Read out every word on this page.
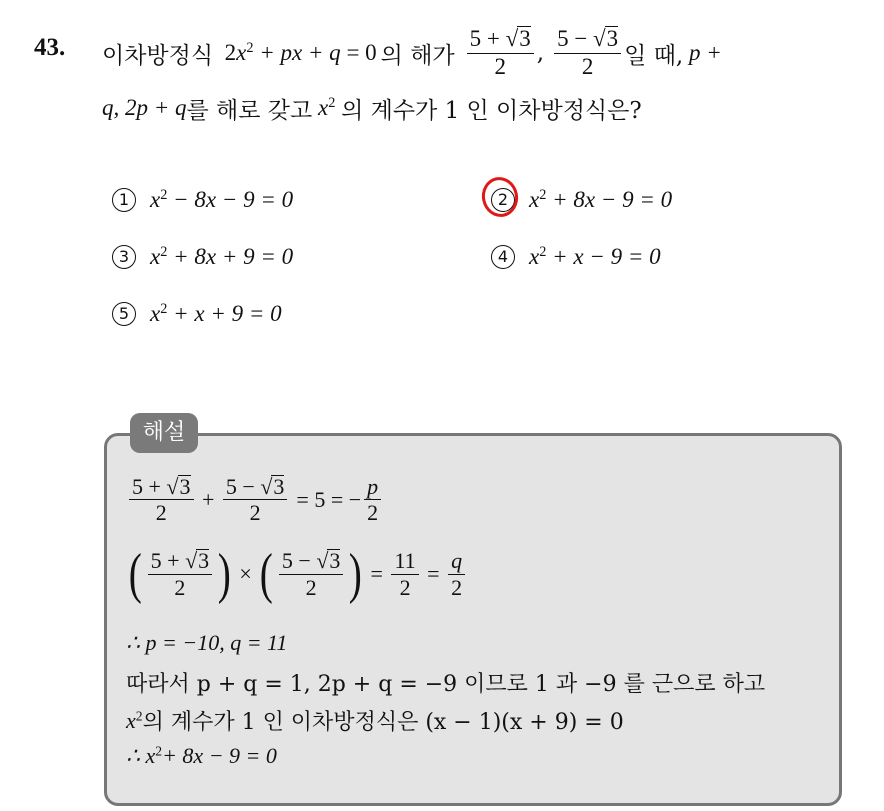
43. 이차방정식 $2x^2$ + px + q = 0 의 해가 $\frac{5 + √3}{2}$ , $\frac{5 - √3}{2}$ 일 때, p +
q, 2p + q 를 해로 갖고 $x^2$ 의 계수가 1 인 이차방정식은?
1 $x^2 - 8x - 9 = 0$	2 $x^2 + 8x - 9 = 0$
3 $x^2 + 8x + 9 = 0$	4 $x^2 + x - 9 = 0$
5 $x^2 + x + 9 = 0$
해설
$\frac{5 + √3}{2} + \frac{5 - √3}{2} = 5$ = − $\frac{p}{2}$
( $\frac{5 + √3}{2}$ ) × ( $\frac{5 - √3}{2}$ ) = $\frac{11}{2} = \frac{q}{2}$
∴ p = −10, q = 11
따라서 p + q = 1, 2p + q = −9 이므로 1 과 −9 를 근으로 하고
$x^2$ 의 계수가 1 인 이차방정식은 (x − 1)(x + 9) = 0
∴ $x^2 + 8x - 9 = 0$
